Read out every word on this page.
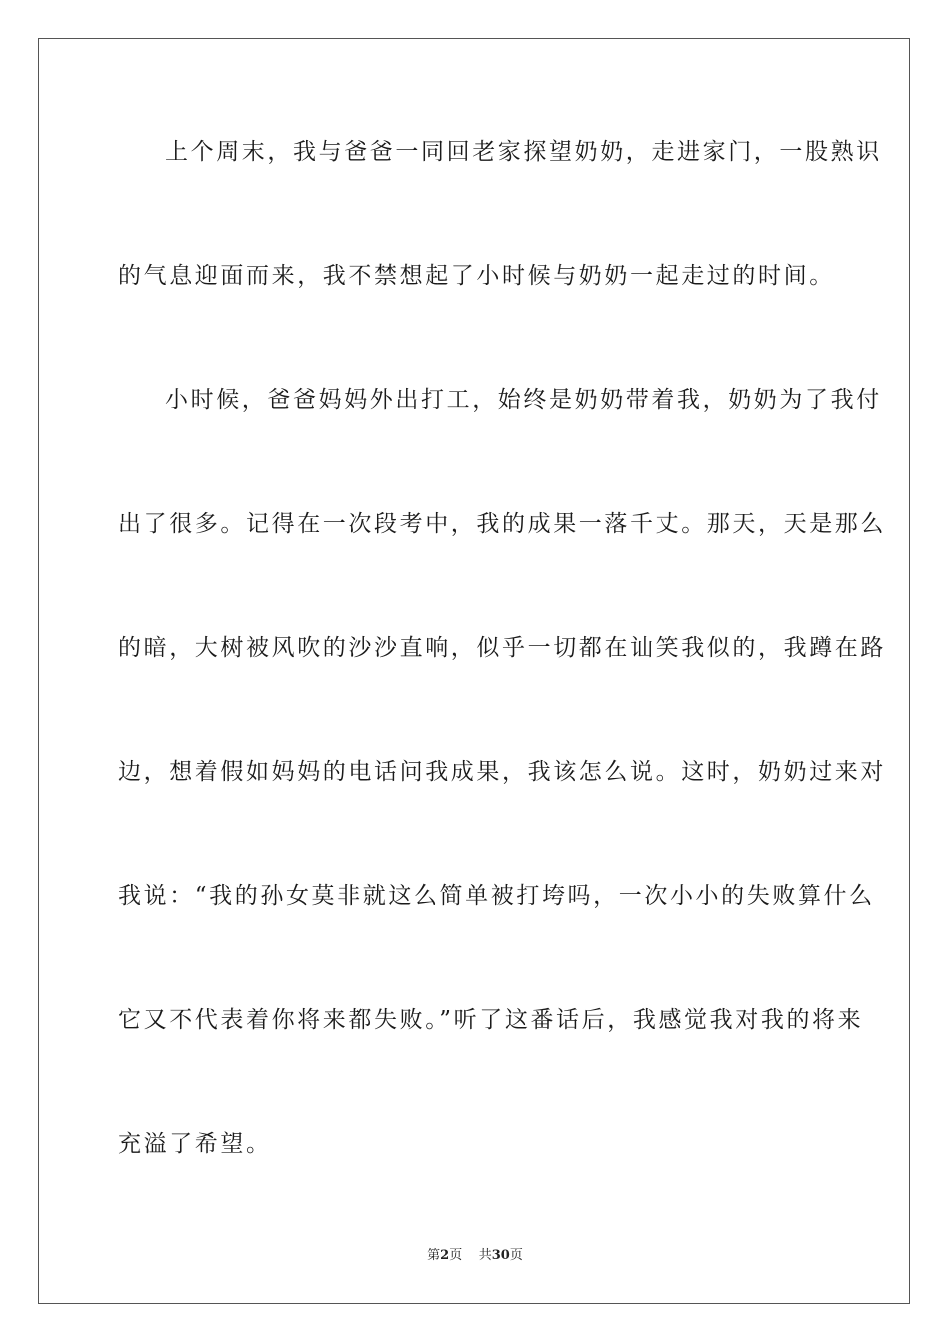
上个周末，我与爸爸一同回老家探望奶奶，走进家门，一股熟识
的气息迎面而来，我不禁想起了小时候与奶奶一起走过的时间。
小时候，爸爸妈妈外出打工，始终是奶奶带着我，奶奶为了我付
出了很多。记得在一次段考中，我的成果一落千丈。那天，天是那么
的暗，大树被风吹的沙沙直响，似乎一切都在讪笑我似的，我蹲在路
边，想着假如妈妈的电话问我成果，我该怎么说。这时，奶奶过来对
我说：“我的孙女莫非就这么简单被打垮吗，一次小小的失败算什么
它又不代表着你将来都失败。”听了这番话后，我感觉我对我的将来
充溢了希望。
第2页 共30页
